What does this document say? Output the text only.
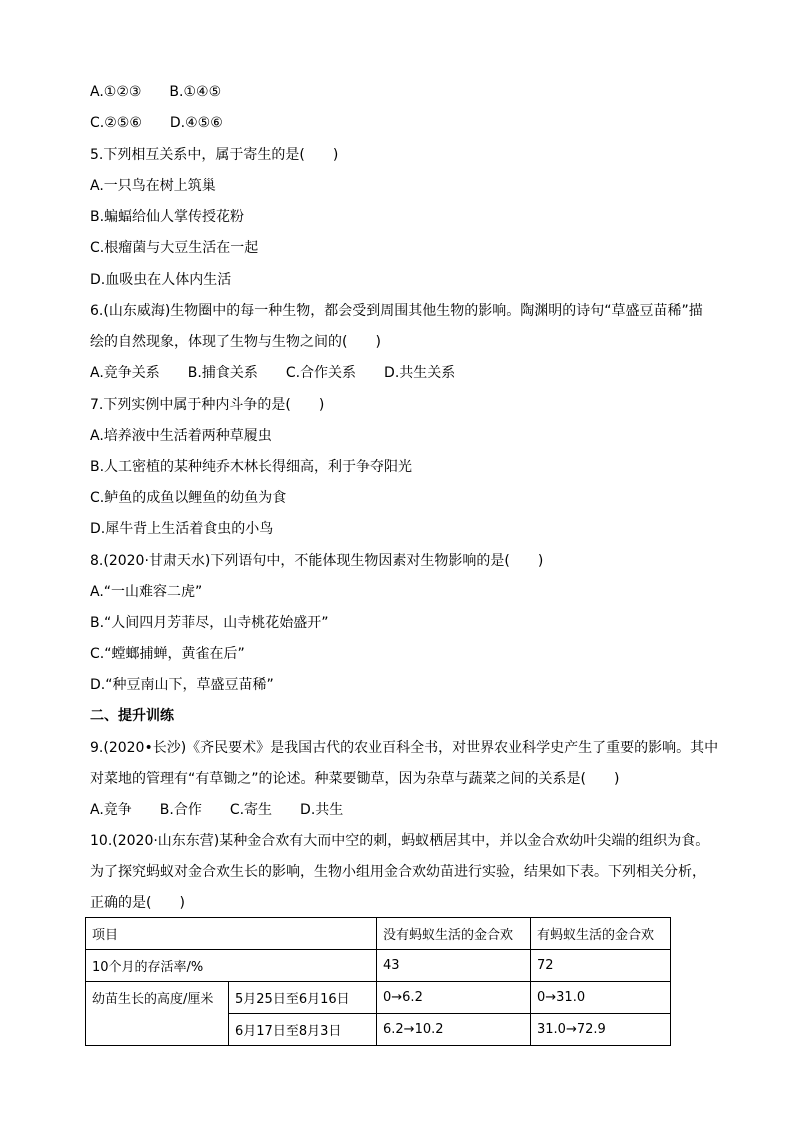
A.①②③　　B.①④⑤
C.②⑤⑥　　D.④⑤⑥
5.下列相互关系中，属于寄生的是(　　)
A.一只鸟在树上筑巢
B.蝙蝠给仙人掌传授花粉
C.根瘤菌与大豆生活在一起
D.血吸虫在人体内生活
6.(山东威海)生物圈中的每一种生物，都会受到周围其他生物的影响。陶渊明的诗句“草盛豆苗稀”描
绘的自然现象，体现了生物与生物之间的(　　)
A.竞争关系　　B.捕食关系　　C.合作关系　　D.共生关系
7.下列实例中属于种内斗争的是(　　)
A.培养液中生活着两种草履虫
B.人工密植的某种纯乔木林长得细高，利于争夺阳光
C.鲈鱼的成鱼以鲤鱼的幼鱼为食
D.犀牛背上生活着食虫的小鸟
8.(2020·甘肃天水)下列语句中，不能体现生物因素对生物影响的是(　　)
A.“一山难容二虎”
B.“人间四月芳菲尽，山寺桃花始盛开”
C.“螳螂捕蝉，黄雀在后”
D.“种豆南山下，草盛豆苗稀”
二、提升训练
9.(2020•长沙)《齐民要术》是我国古代的农业百科全书，对世界农业科学史产生了重要的影响。其中
对菜地的管理有“有草锄之”的论述。种菜要锄草，因为杂草与蔬菜之间的关系是(　　)
A.竞争　　B.合作　　C.寄生　　D.共生
10.(2020·山东东营)某种金合欢有大而中空的刺，蚂蚁栖居其中，并以金合欢幼叶尖端的组织为食。
为了探究蚂蚁对金合欢生长的影响，生物小组用金合欢幼苗进行实验，结果如下表。下列相关分析，
正确的是(　　)
项目		没有蚂蚁生活的金合欢	有蚂蚁生活的金合欢
10个月的存活率/%		43	72
幼苗生长的高度/厘米	5月25日至6月16日	0→6.2	0→31.0
	6月17日至8月3日	6.2→10.2	31.0→72.9
